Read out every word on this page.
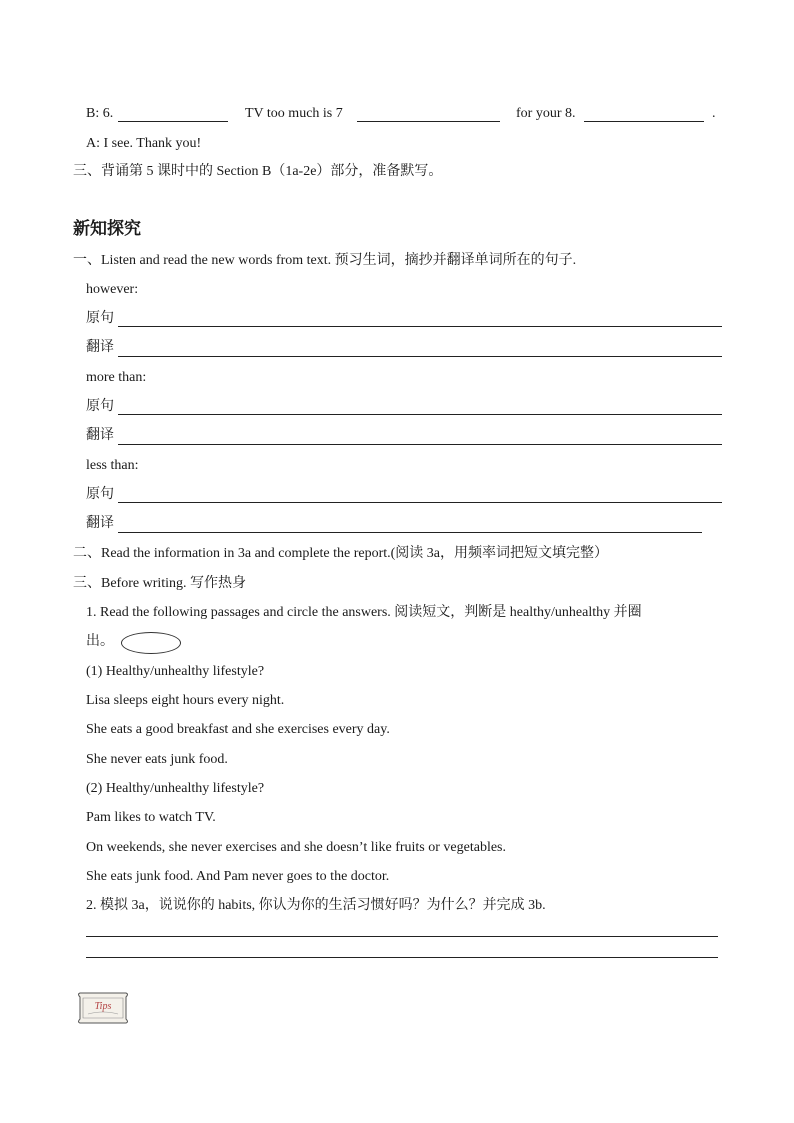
B: 6.	TV too much is 7	for your 8.	.
A: I see. Thank you!
三、背诵第 5 课时中的 Section B（1a-2e）部分，准备默写。
新知探究
一、Listen and read the new words from text. 预习生词，摘抄并翻译单词所在的句子.
however:
原句
翻译
more than:
原句
翻译
less than:
原句
翻译
二、Read the information in 3a and complete the report.(阅读 3a，用频率词把短文填完整）
三、Before writing. 写作热身
1. Read the following passages and circle the answers. 阅读短文，判断是 healthy/unhealthy 并圈
出。
(1) Healthy/unhealthy lifestyle?
Lisa sleeps eight hours every night.
She eats a good breakfast and she exercises every day.
She never eats junk food.
(2) Healthy/unhealthy lifestyle?
Pam likes to watch TV.
On weekends, she never exercises and she doesn’t like fruits or vegetables.
She eats junk food. And Pam never goes to the doctor.
2. 模拟 3a，说说你的 habits, 你认为你的生活习惯好吗？为什么？并完成 3b.
Tips
